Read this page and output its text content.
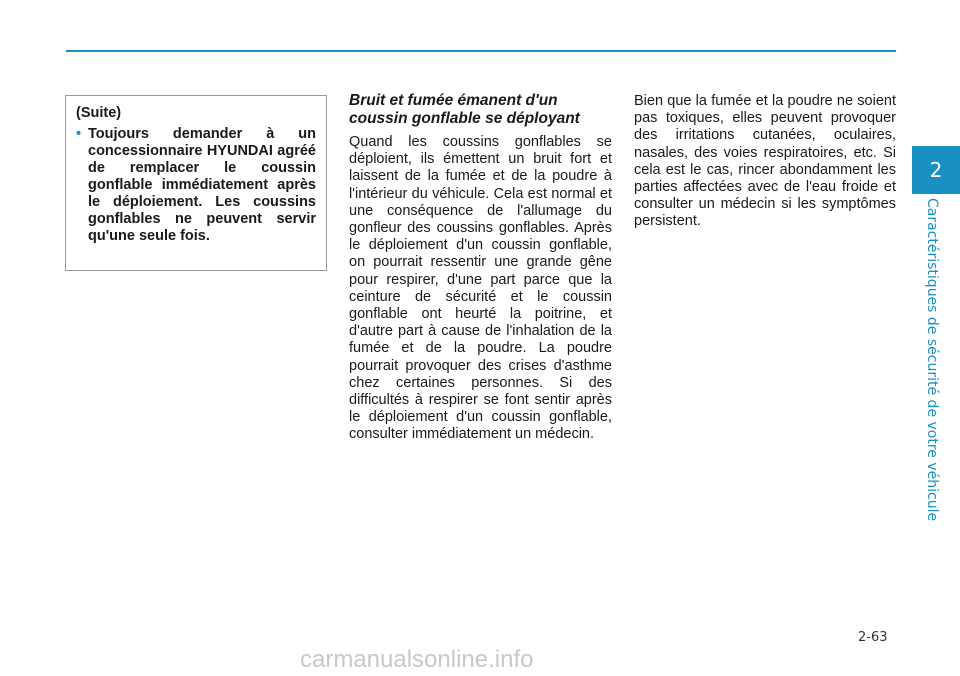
2
Caractéristiques de sécurité de votre véhicule
(Suite)
• Toujours demander à un concessionnaire HYUNDAI agréé de remplacer le coussin gonflable immédiatement après le déploiement. Les coussins gonflables ne peuvent servir qu'une seule fois.
Bruit et fumée émanent d'un coussin gonflable se déployant

Quand les coussins gonflables se déploient, ils émettent un bruit fort et laissent de la fumée et de la poudre à l'intérieur du véhicule. Cela est normal et une conséquence de l'allumage du gonfleur des coussins gonflables. Après le déploiement d'un coussin gonflable, on pourrait ressentir une grande gêne pour respirer, d'une part parce que la ceinture de sécurité et le coussin gonflable ont heurté la poitrine, et d'autre part à cause de l'inhalation de la fumée et de la poudre. La poudre pourrait provoquer des crises d'asthme chez certaines personnes. Si des difficultés à respirer se font sentir après le déploiement d'un coussin gonflable, consulter immédiatement un médecin.

Bien que la fumée et la poudre ne soient pas toxiques, elles peuvent provoquer des irritations cutanées, oculaires, nasales, des voies respiratoires, etc. Si cela est le cas, rincer abondamment les parties affectées avec de l'eau froide et consulter un médecin si les symptômes persistent.

2-63
carmanualsonline.info
